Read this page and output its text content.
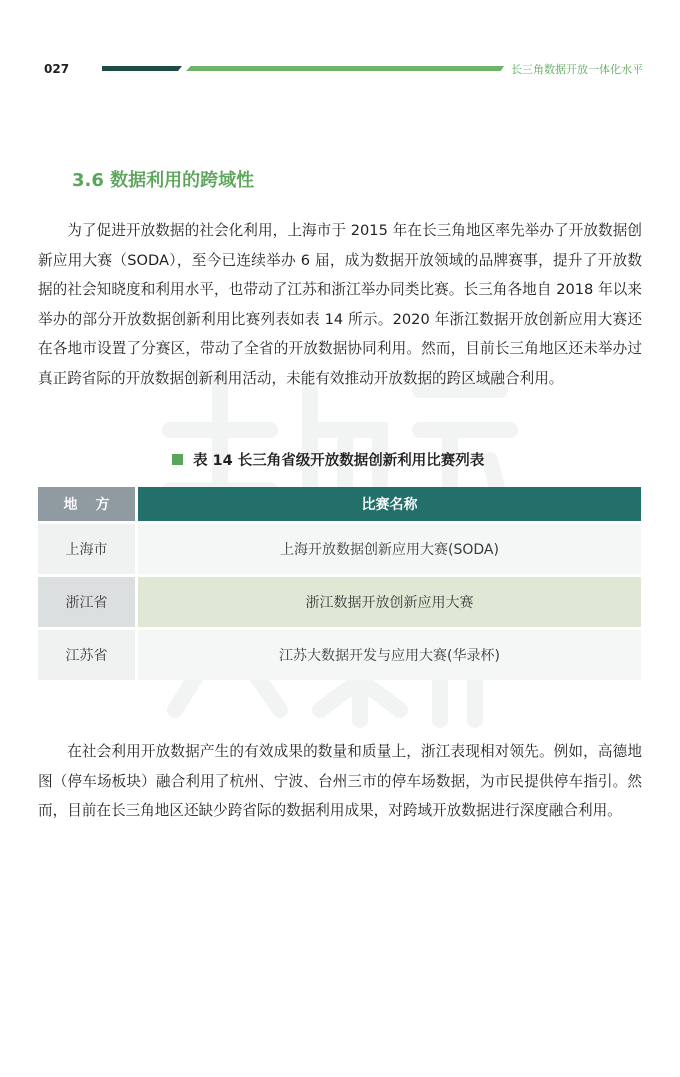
027	长三角数据开放一体化水平
3.6 数据利用的跨域性

为了促进开放数据的社会化利用，上海市于 2015 年在长三角地区率先举办了开放数据创新应用大赛（SODA），至今已连续举办 6 届，成为数据开放领域的品牌赛事，提升了开放数据的社会知晓度和利用水平，也带动了江苏和浙江举办同类比赛。长三角各地自 2018 年以来举办的部分开放数据创新利用比赛列表如表 14 所示。2020 年浙江数据开放创新应用大赛还在各地市设置了分赛区，带动了全省的开放数据协同利用。然而，目前长三角地区还未举办过真正跨省际的开放数据创新利用活动，未能有效推动开放数据的跨区域融合利用。

表 14 长三角省级开放数据创新利用比赛列表
地方	比赛名称
上海市	上海开放数据创新应用大赛(SODA)
浙江省	浙江数据开放创新应用大赛
江苏省	江苏大数据开发与应用大赛(华录杯)

在社会利用开放数据产生的有效成果的数量和质量上，浙江表现相对领先。例如，高德地图（停车场板块）融合利用了杭州、宁波、台州三市的停车场数据，为市民提供停车指引。然而，目前在长三角地区还缺少跨省际的数据利用成果，对跨域开放数据进行深度融合利用。
